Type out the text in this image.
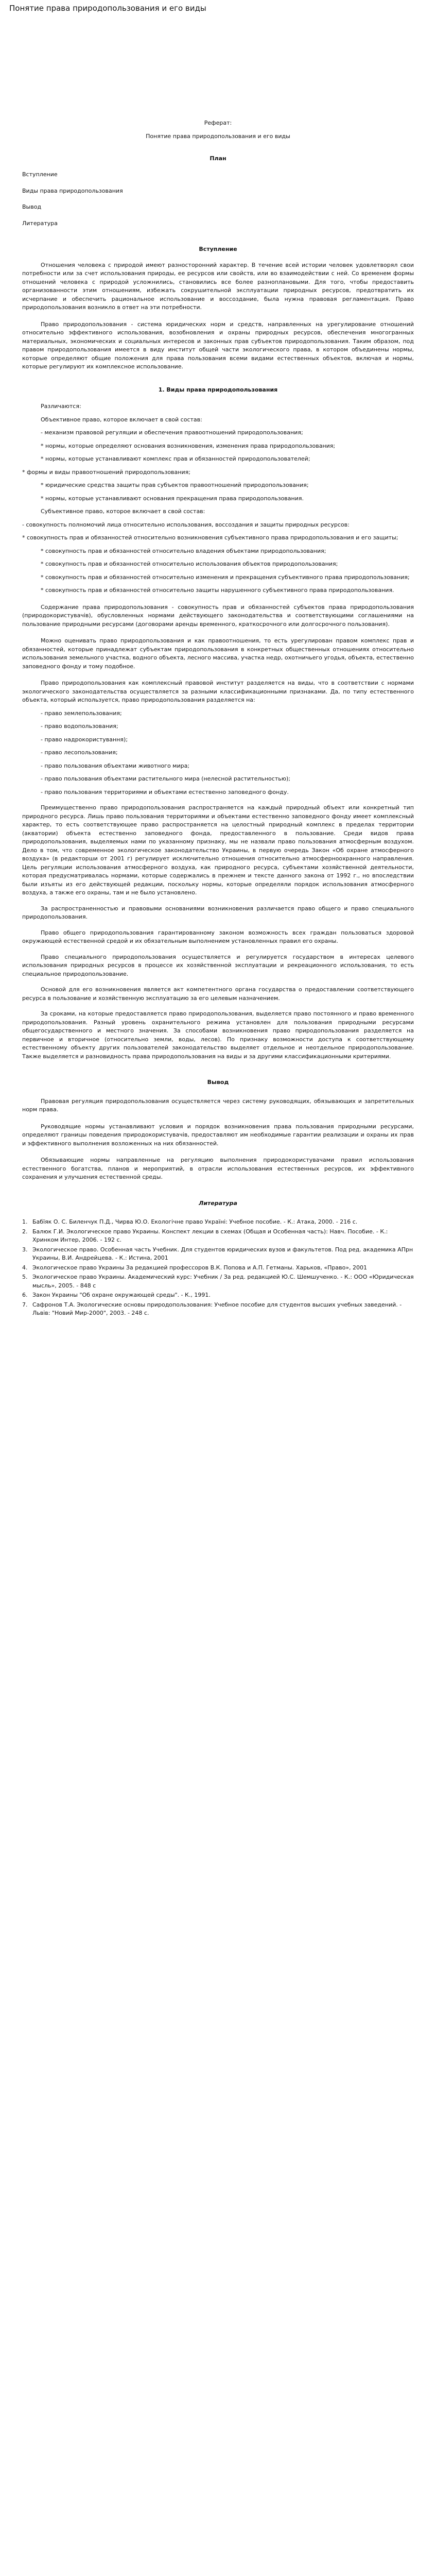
Понятие права природопользования и его виды
Реферат:
Понятие права природопользования и его виды
План
Вступление
Виды права природопользования
Вывод
Литература
Вступление

Отношения человека с природой имеют разносторонний характер. В течение всей истории человек удовлетворял свои потребности или за счет использования природы, ее ресурсов или свойств, или во взаимодействии с ней. Со временем формы отношений человека с природой усложнились, становились все более разноплановыми. Для того, чтобы предоставить организованности этим отношениям, избежать сокрушительной эксплуатации природных ресурсов, предотвратить их исчерпание и обеспечить рациональное использование и воссоздание, была нужна правовая регламентация. Право природопользования возникло в ответ на эти потребности.

Право природопользования - система юридических норм и средств, направленных на урегулирование отношений относительно эффективного использования, возобновления и охраны природных ресурсов, обеспечения многогранных материальных, экономических и социальных интересов и законных прав субъектов природопользования. Таким образом, под правом природопользования имеется в виду институт общей части экологического права, в котором объединены нормы, которые определяют общие положения для права пользования всеми видами естественных объектов, включая и нормы, которые регулируют их комплексное использование.

1. Виды права природопользования

Различаются:

Объективное право, которое включает в свой состав:

- механизм правовой регуляции и обеспечения правоотношений природопользования;

* нормы, которые определяют основания возникновения, изменения права природопользования;

* нормы, которые устанавливают комплекс прав и обязанностей природопользователей;

* формы и виды правоотношений природопользования;

* юридические средства защиты прав субъектов правоотношений природопользования;

* нормы, которые устанавливают основания прекращения права природопользования.

Субъективное право, которое включает в свой состав:

- совокупность полномочий лица относительно использования, воссоздания и защиты природных ресурсов:

* совокупность прав и обязанностей относительно возникновения субъективного права природопользования и его защиты;

* совокупность прав и обязанностей относительно владения объектами природопользования;

* совокупность прав и обязанностей относительно использования объектов природопользования;

* совокупность прав и обязанностей относительно изменения и прекращения субъективного права природопользования;

* совокупность прав и обязанностей относительно защиты нарушенного субъективного права природопользования.

Содержание права природопользования - совокупность прав и обязанностей субъектов права природопользования (природокористувачів), обусловленных нормами действующего законодательства и соответствующими соглашениями на пользование природными ресурсами (договорами аренды временного, краткосрочного или долгосрочного пользования).

Можно оценивать право природопользования и как правоотношения, то есть урегулирован правом комплекс прав и обязанностей, которые принадлежат субъектам природопользования в конкретных общественных отношениях относительно использования земельного участка, водного объекта, лесного массива, участка недр, охотничьего угодья, объекта, естественно заповедного фонду и тому подобное.

Право природопользования как комплексный правовой институт разделяется на виды, что в соответствии с нормами экологического законодательства осуществляется за разными классификационными признаками. Да, по типу естественного объекта, который используется, право природопользования разделяется на:

- право землепользования;

- право водопользования;

- право надрокористування);

- право лесопользования;

- право пользования объектами животного мира;

- право пользования объектами растительного мира (нелесной растительностью);

- право пользования территориями и объектами естественно заповедного фонду.

Преимущественно право природопользования распространяется на каждый природный объект или конкретный тип природного ресурса. Лишь право пользования территориями и объектами естественно заповедного фонду имеет комплексный характер, то есть соответствующее право распространяется на целостный природный комплекс в пределах территории (акватории) объекта естественно заповедного фонда, предоставленного в пользование. Среди видов права природопользования, выделяемых нами по указанному признаку, мы не назвали право пользования атмосферным воздухом. Дело в том, что современное экологическое законодательство Украины, в первую очередь Закон «Об охране атмосферного воздуха» (в редакторши от 2001 г) регулирует исключительно отношения относительно атмосферноохранного направления. Цель регуляции использования атмосферного воздуха, как природного ресурса, субъектами хозяйственной деятельности, которая предусматривалась нормами, которые содержались в прежнем и тексте данного закона от 1992 г., но впоследствии были изъяты из его действующей редакции, поскольку нормы, которые определяли порядок использования атмосферного воздуха, а также его охраны, там и не было установлено.

За распространенностью и правовыми основаниями возникновения различается право общего и право специального природопользования.

Право общего природопользования гарантированному законом возможность всех граждан пользоваться здоровой окружающей естественной средой и их обязательным выполнением установленных правил его охраны.

Право специального природопользования осуществляется и регулируется государством в интересах целевого использования природных ресурсов в процессе их хозяйственной эксплуатации и рекреационного использования, то есть специальное природопользование.

Основой для его возникновения является акт компетентного органа государства о предоставлении соответствующего ресурса в пользование и хозяйственную эксплуатацию за его целевым назначением.

За сроками, на которые предоставляется право природопользования, выделяется право постоянного и право временного природопользования. Разный уровень охранительного режима установлен для пользования природными ресурсами общегосударственного и местного значения. За способами возникновения право природопользования разделяется на первичное и вторичное (относительно земли, воды, лесов). По признаку возможности доступа к соответствующему естественному объекту других пользователей законодательство выделяет отдельное и неотдельное природопользование. Также выделяется и разновидность права природопользования на виды и за другими классификационными критериями.

Вывод

Правовая регуляция природопользования осуществляется через систему руководящих, обязывающих и запретительных норм права.

Руководящие нормы устанавливают условия и порядок возникновения права пользования природными ресурсами, определяют границы поведения природокористувачів, предоставляют им необходимые гарантии реализации и охраны их прав и эффективного выполнения возложенных на них обязанностей.

Обязывающие нормы направленные на регуляцию выполнения природокористувачами правил использования естественного богатства, планов и мероприятий, в отрасли использования естественных ресурсов, их эффективного сохранения и улучшения естественной среды.

Литература
1. Бабїяк О. С. Биленчук П.Д., Чирва Ю.О. Екологічне право Україні: Учебное пособие. - К.: Атака, 2000. - 216 с.
2. Балюк Г.И. Экологическое право Украины. Конспект лекции в схемах (Общая и Особенная часть): Навч. Пособие. - К.: Хринком Интер, 2006. - 192 с.
3. Экологическое право. Особенная часть Учебник. Для студентов юридических вузов и факультетов. Под ред. академика АПрн Украины, В.И. Андрейцева. - К.: Истина, 2001
4. Экологическое право Украины За редакцией профессоров В.К. Попова и А.П. Гетманы. Харьков, «Право», 2001
5. Экологическое право Украины. Академический курс: Учебник / За ред. редакцией Ю.С. Шемшученко. - К.: ООО «Юридическая мысль», 2005. - 848 с
6. Закон Украины "Об охране окружающей среды". - К., 1991.
7. Сафронов Т.А. Экологические основы природопользования: Учебное пособие для студентов высших учебных заведений. - Львів: "Новий Мир-2000", 2003. - 248 с.
